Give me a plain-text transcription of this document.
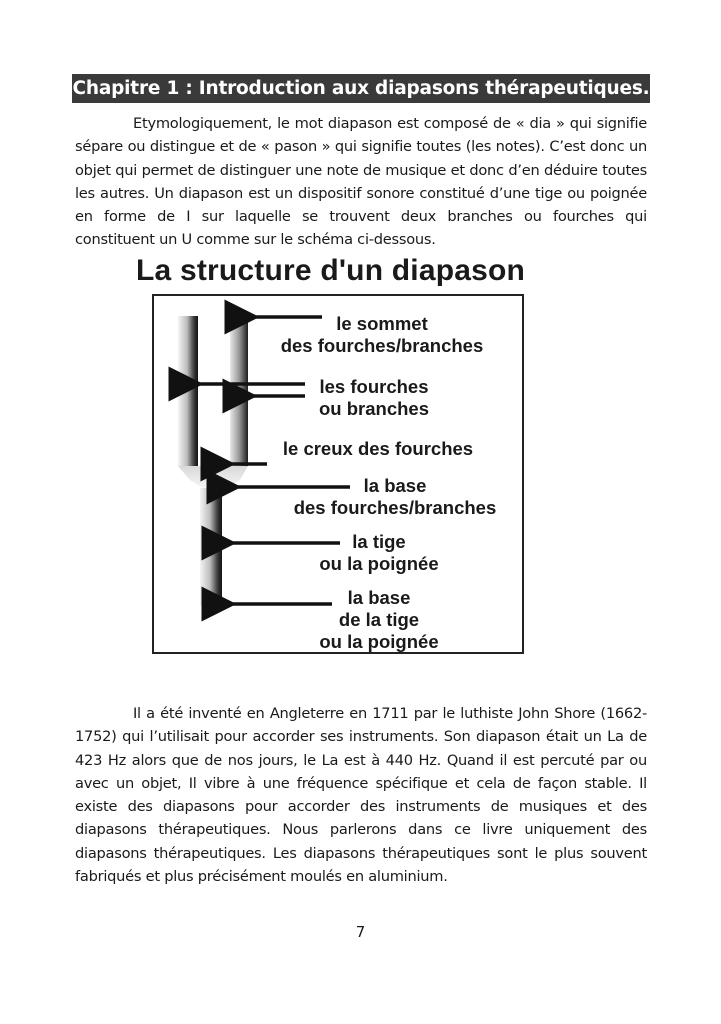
Chapitre 1 : Introduction aux diapasons thérapeutiques.

Etymologiquement, le mot diapason est composé de « dia » qui signifie sépare ou distingue et de « pason » qui signifie toutes (les notes). C’est donc un objet qui permet de distinguer une note de musique et donc d’en déduire toutes les autres. Un diapason est un dispositif sonore constitué d’une tige ou poignée en forme de I sur laquelle se trouvent deux branches ou fourches qui constituent un U comme sur le schéma ci-dessous.

La structure d'un diapason
le sommet
des fourches/branches
les fourches
ou branches
le creux des fourches
la base
des fourches/branches
la tige
ou la poignée
la base
de la tige
ou la poignée

Il a été inventé en Angleterre en 1711 par le luthiste John Shore (1662-1752) qui l’utilisait pour accorder ses instruments. Son diapason était un La de 423 Hz alors que de nos jours, le La est à 440 Hz. Quand il est percuté par ou avec un objet, Il vibre à une fréquence spécifique et cela de façon stable. Il existe des diapasons pour accorder des instruments de musiques et des diapasons thérapeutiques. Nous parlerons dans ce livre uniquement des diapasons thérapeutiques. Les diapasons thérapeutiques sont le plus souvent fabriqués et plus précisément moulés en aluminium.

7
